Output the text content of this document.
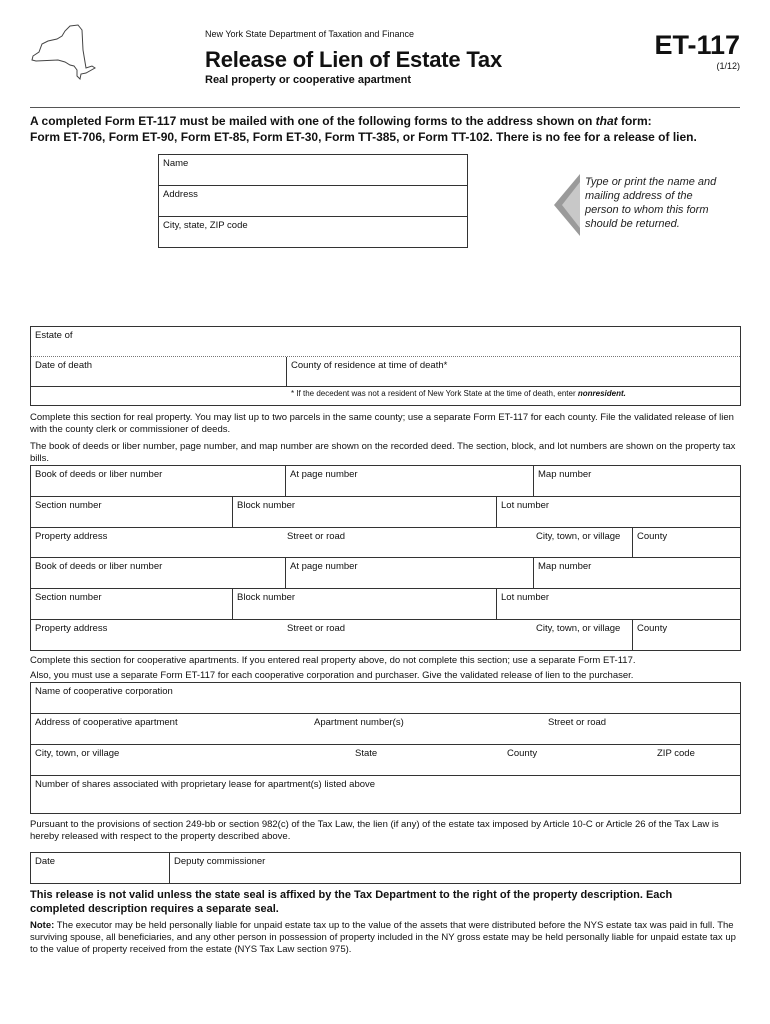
New York State Department of Taxation and Finance
Release of Lien of Estate Tax
Real property or cooperative apartment
ET-117
(1/12)
A completed Form ET-117 must be mailed with one of the following forms to the address shown on that form:
Form ET-706, Form ET-90, Form ET-85, Form ET-30, Form TT-385, or Form TT-102. There is no fee for a release of lien.
Name
Address
City, state, ZIP code
Type or print the name and mailing address of the person to whom this form should be returned.
Estate of
Date of death	County of residence at time of death*
* If the decedent was not a resident of New York State at the time of death, enter nonresident.
Complete this section for real property. You may list up to two parcels in the same county; use a separate Form ET-117 for each county. File the validated release of lien with the county clerk or commissioner of deeds.
The book of deeds or liber number, page number, and map number are shown on the recorded deed. The section, block, and lot numbers are shown on the property tax bills.
Book of deeds or liber number	At page number	Map number
Section number	Block number	Lot number
Property address	Street or road	City, town, or village	County
Book of deeds or liber number	At page number	Map number
Section number	Block number	Lot number
Property address	Street or road	City, town, or village	County
Complete this section for cooperative apartments. If you entered real property above, do not complete this section; use a separate Form ET-117.
Also, you must use a separate Form ET-117 for each cooperative corporation and purchaser. Give the validated release of lien to the purchaser.
Name of cooperative corporation
Address of cooperative apartment	Apartment number(s)	Street or road
City, town, or village	State	County	ZIP code
Number of shares associated with proprietary lease for apartment(s) listed above
Pursuant to the provisions of section 249-bb or section 982(c) of the Tax Law, the lien (if any) of the estate tax imposed by Article 10-C or Article 26 of the Tax Law is hereby released with respect to the property described above.
Date	Deputy commissioner
This release is not valid unless the state seal is affixed by the Tax Department to the right of the property description. Each completed description requires a separate seal.
Note: The executor may be held personally liable for unpaid estate tax up to the value of the assets that were distributed before the NYS estate tax was paid in full. The surviving spouse, all beneficiaries, and any other person in possession of property included in the NY gross estate may be held personally liable for unpaid estate tax up to the value of property received from the estate (NYS Tax Law section 975).
